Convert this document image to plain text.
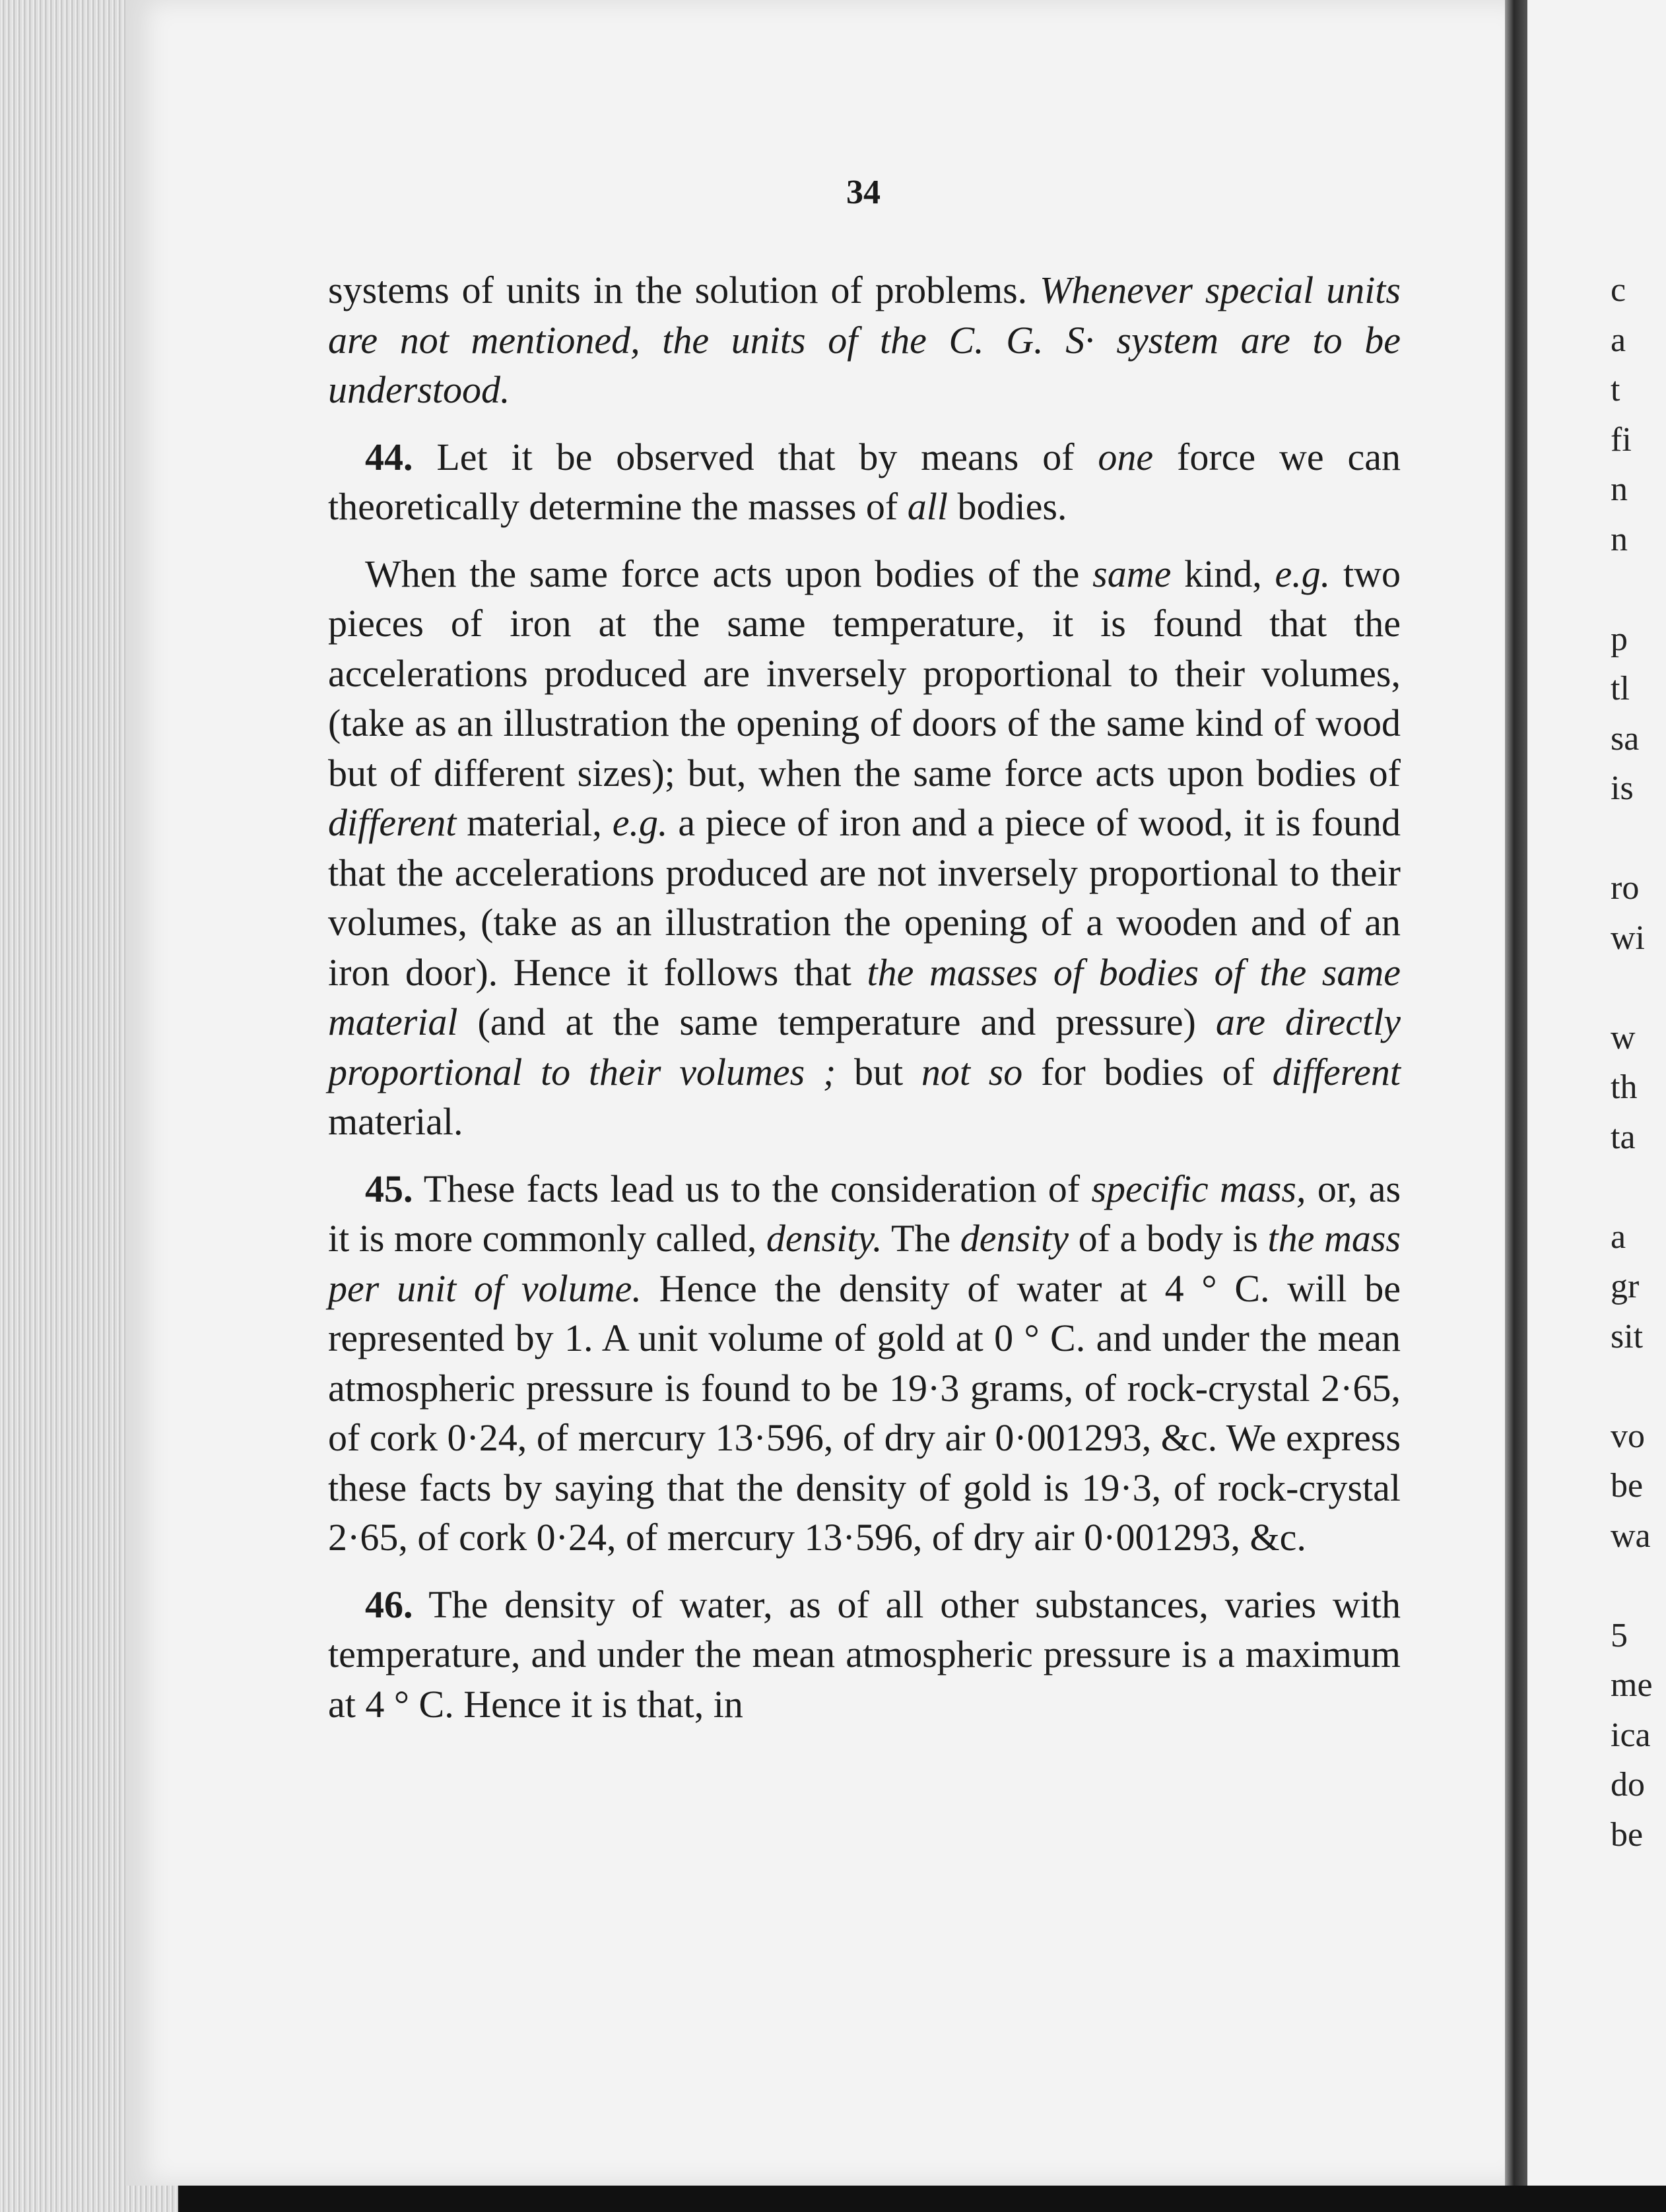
34

systems of units in the solution of problems. Whenever special units are not mentioned, the units of the C. G. S· system are to be understood.

44. Let it be observed that by means of one force we can theoretically determine the masses of all bodies.

When the same force acts upon bodies of the same kind, e.g. two pieces of iron at the same temperature, it is found that the accelerations produced are inversely proportional to their volumes, (take as an illustration the opening of doors of the same kind of wood but of different sizes); but, when the same force acts upon bodies of different material, e.g. a piece of iron and a piece of wood, it is found that the accelerations produced are not inversely proportional to their volumes, (take as an illustration the opening of a wooden and of an iron door). Hence it follows that the masses of bodies of the same material (and at the same temperature and pressure) are directly proportional to their volumes ; but not so for bodies of different material.

45. These facts lead us to the consideration of specific mass, or, as it is more commonly called, density. The density of a body is the mass per unit of volume. Hence the density of water at 4 ° C. will be represented by 1. A unit volume of gold at 0 ° C. and under the mean atmospheric pressure is found to be 19·3 grams, of rock-crystal 2·65, of cork 0·24, of mercury 13·596, of dry air 0·001293, &c. We express these facts by saying that the density of gold is 19·3, of rock-crystal 2·65, of cork 0·24, of mercury 13·596, of dry air 0·001293, &c.

46. The density of water, as of all other substances, varies with temperature, and under the mean atmospheric pressure is a maximum at 4 ° C. Hence it is that, in

c
a
t
fi
n
n
p
tl
sa
is
ro
wi
w
th
ta
a
gr
sit
vo
be
wa
5
me
ica
do
be
